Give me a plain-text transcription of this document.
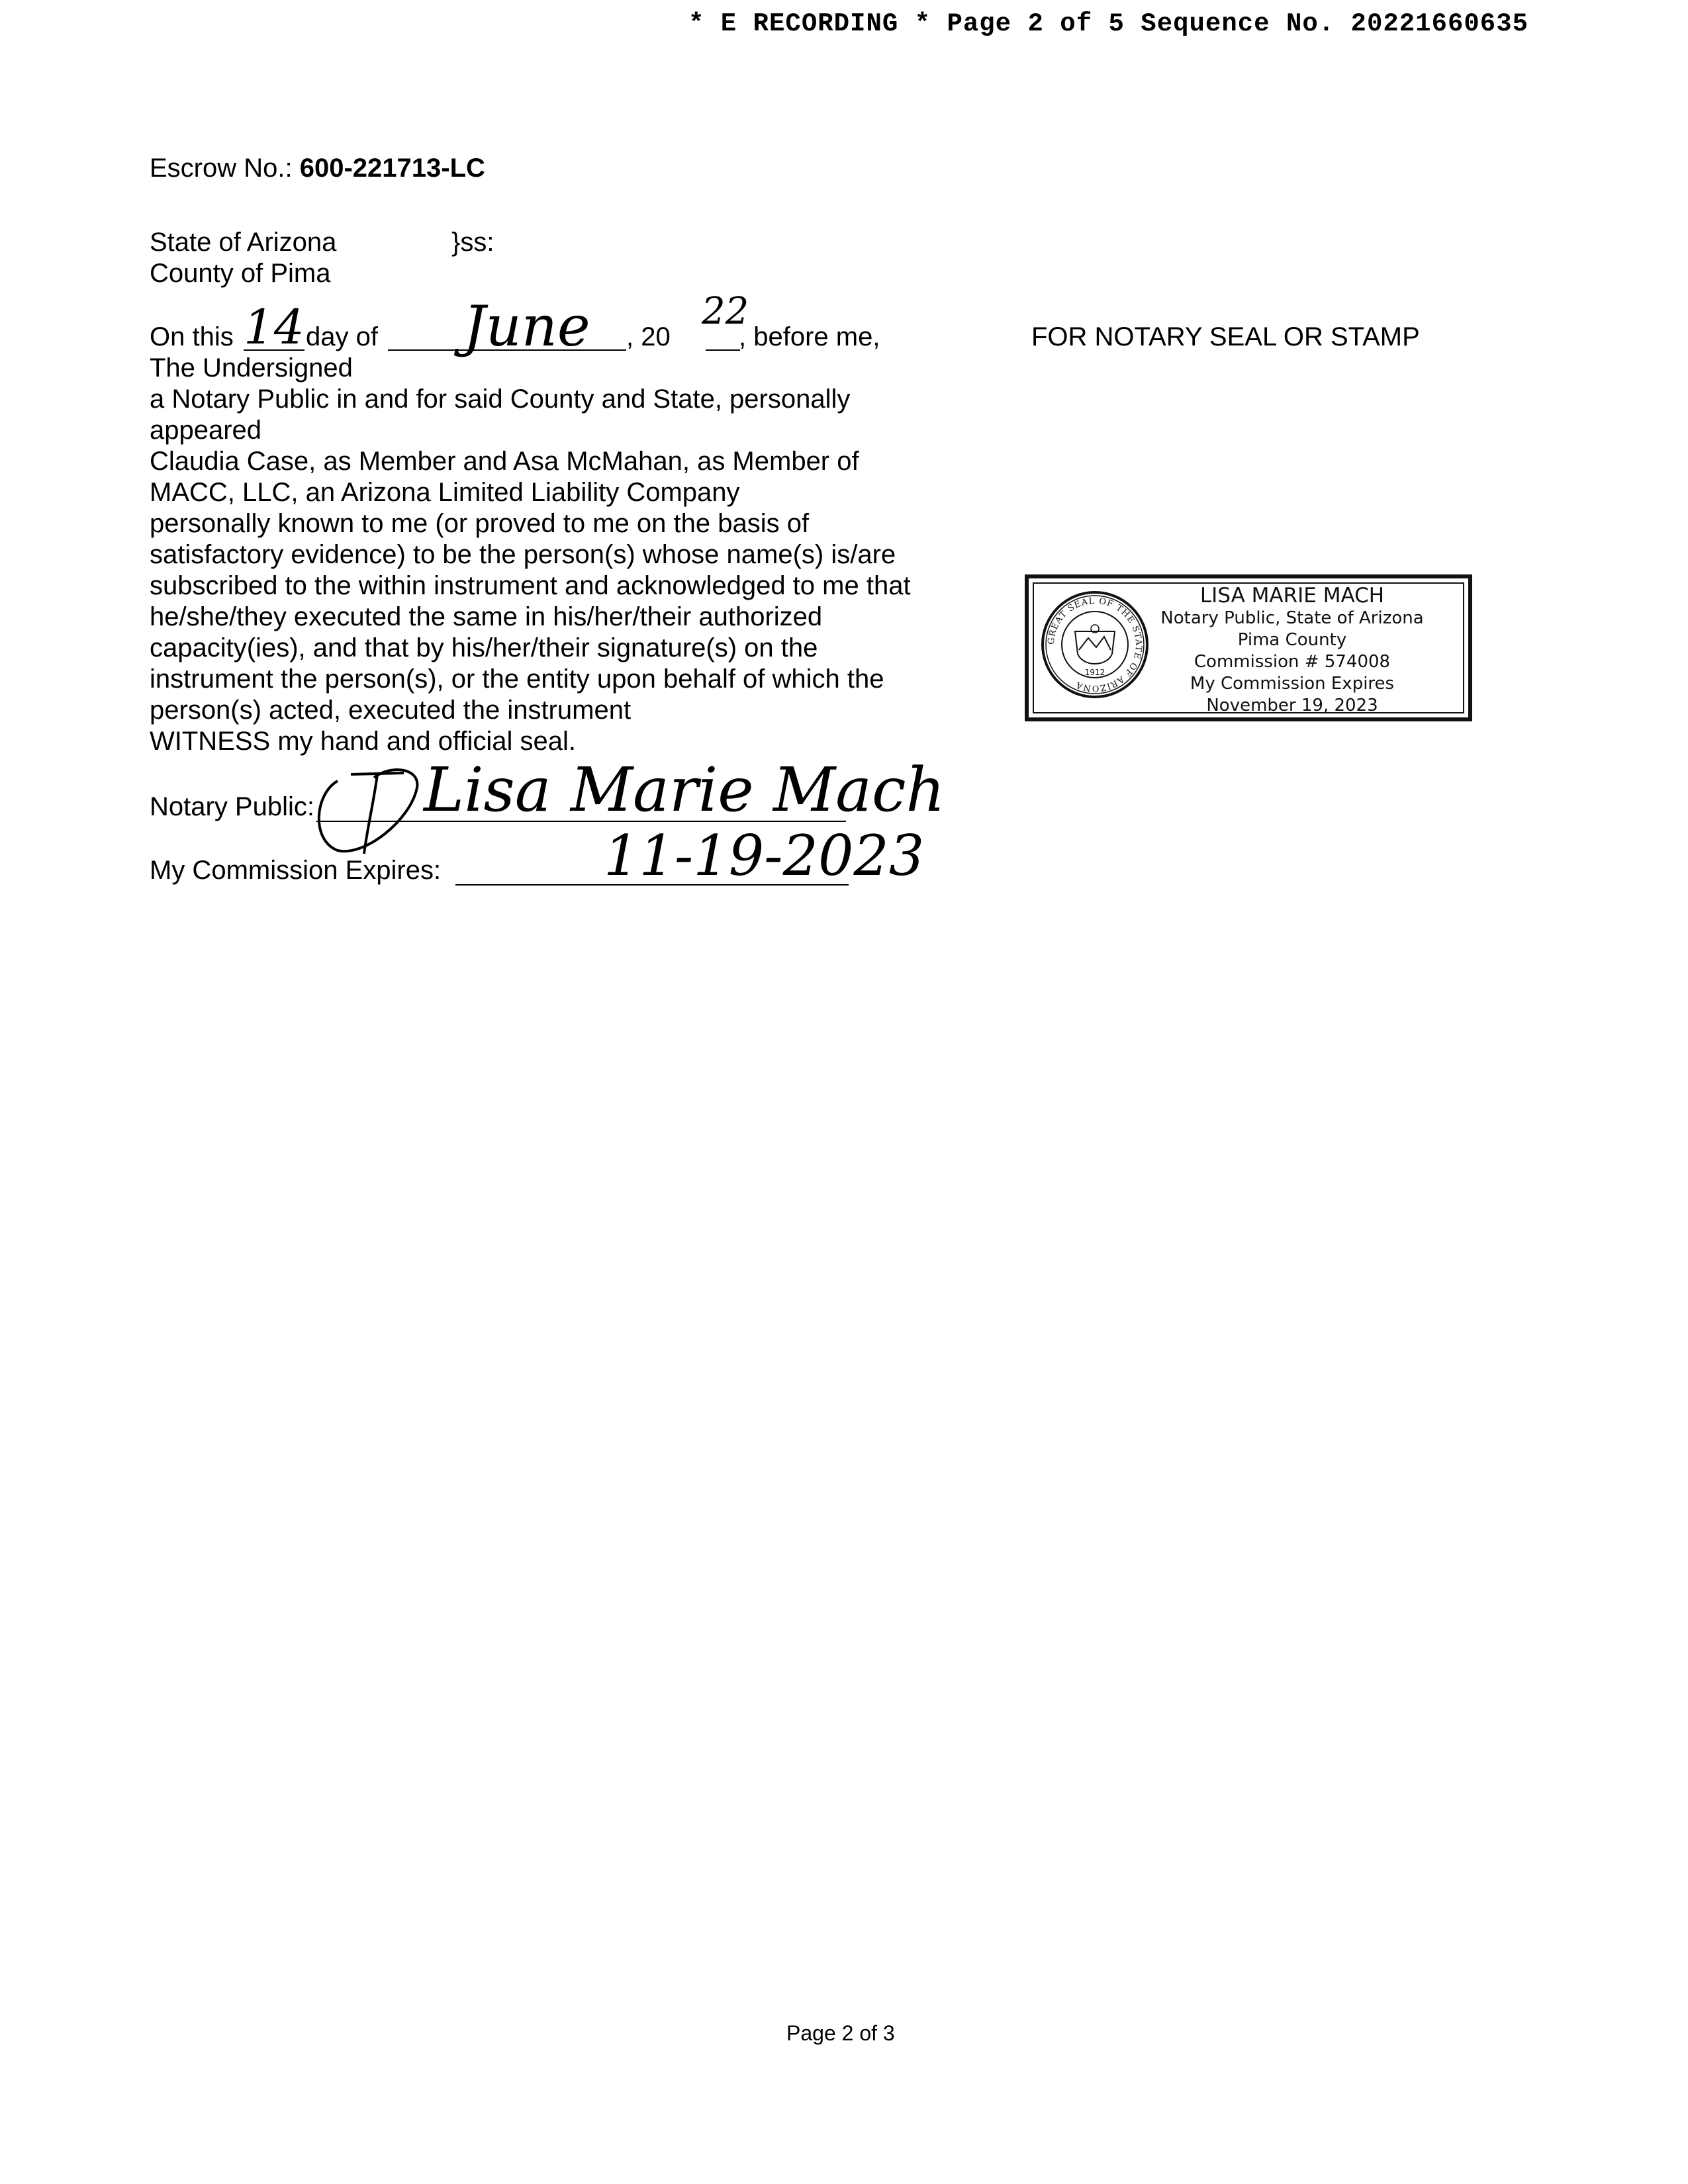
* E RECORDING * Page 2 of 5 Sequence No. 20221660635
Escrow No.: 600-221713-LC
State of Arizona	}ss:
County of Pima
On this 14 day of June , 20
22
, before me,
The Undersigned
a Notary Public in and for said County and State, personally
appeared
Claudia Case, as Member and Asa McMahan, as Member of
MACC, LLC, an Arizona Limited Liability Company
personally known to me (or proved to me on the basis of
satisfactory evidence) to be the person(s) whose name(s) is/are
subscribed to the within instrument and acknowledged to me that
he/she/they executed the same in his/her/their authorized
capacity(ies), and that by his/her/their signature(s) on the
instrument the person(s), or the entity upon behalf of which the
person(s) acted, executed the instrument
WITNESS my hand and official seal.
Notary Public: Lisa Marie Mach
My Commission Expires:	11-19-2023
FOR NOTARY SEAL OR STAMP
GREAT SEAL OF THE STATE OF ARIZONA
1912
LISA MARIE MACH
Notary Public, State of Arizona
Pima County
Commission # 574008
My Commission Expires
November 19, 2023
Page 2 of 3
